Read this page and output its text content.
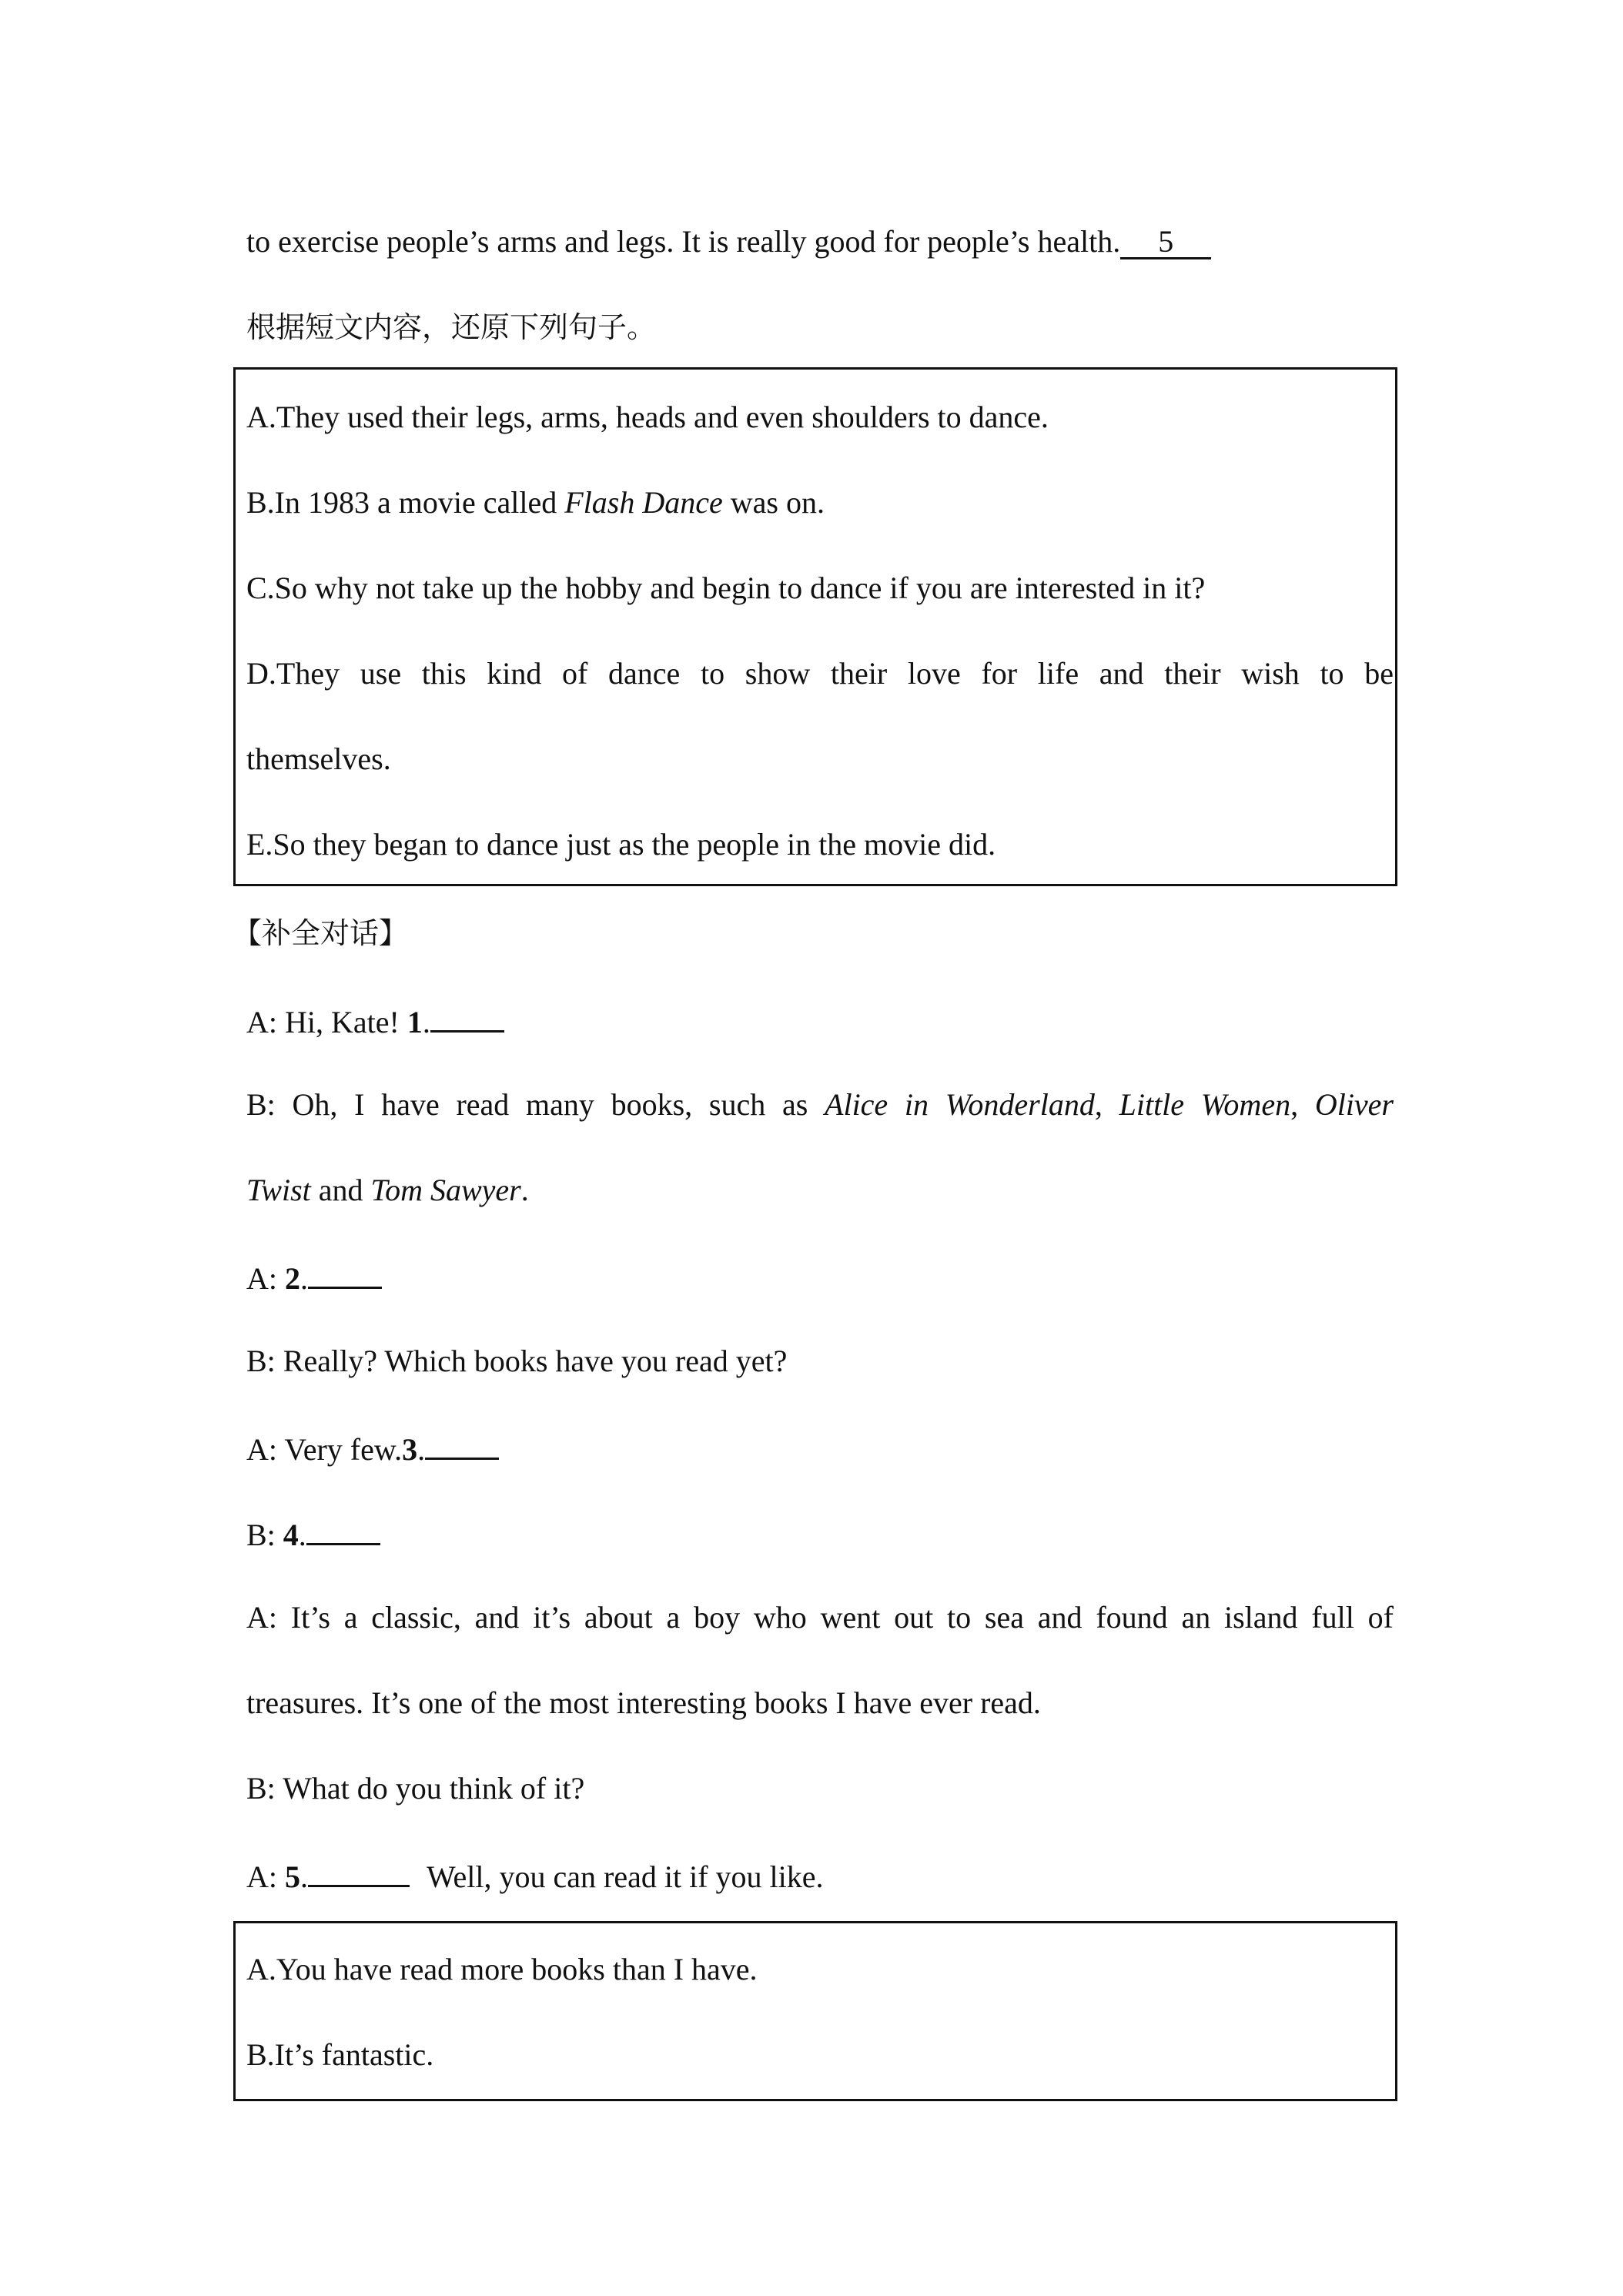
to exercise people’s arms and legs. It is really good for people’s health. 5
根据短文内容，还原下列句子。
A.They used their legs, arms, heads and even shoulders to dance.
B.In 1983 a movie called Flash Dance was on.
C.So why not take up the hobby and begin to dance if you are interested in it?
D.They use this kind of dance to show their love for life and their wish to be
themselves.
E.So they began to dance just as the people in the movie did.
【补全对话】
A: Hi, Kate! 1.
B: Oh, I have read many books, such as Alice in Wonderland, Little Women, Oliver
Twist and Tom Sawyer.
A: 2.
B: Really? Which books have you read yet?
A: Very few.3.
B: 4.
A: It’s a classic, and it’s about a boy who went out to sea and found an island full of
treasures. It’s one of the most interesting books I have ever read.
B: What do you think of it?
A: 5.	Well, you can read it if you like.
A.You have read more books than I have.
B.It’s fantastic.
